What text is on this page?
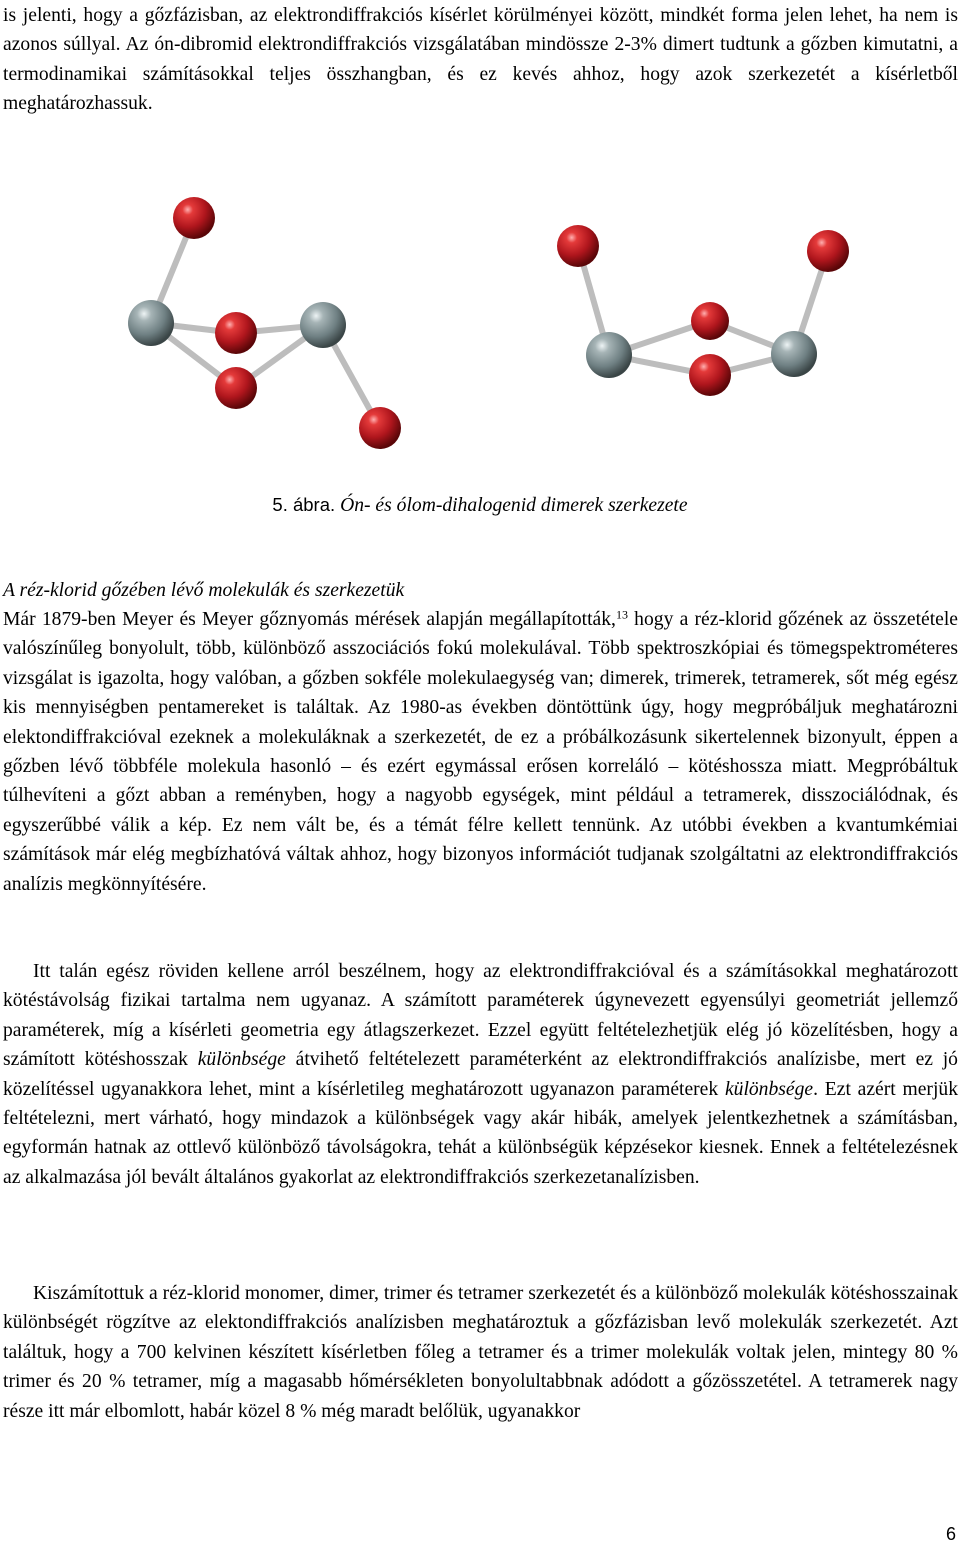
is jelenti, hogy a gőzfázisban, az elektrondiffrakciós kísérlet körülményei között, mindkét forma jelen lehet, ha nem is azonos súllyal. Az ón-dibromid elektrondiffrakciós vizsgálatában mindössze 2-3% dimert tudtunk a gőzben kimutatni, a termodinamikai számításokkal teljes összhangban, és ez kevés ahhoz, hogy azok szerkezetét a kísérletből meghatározhassuk.

5. ábra. Ón- és ólom-dihalogenid dimerek szerkezete

A réz-klorid gőzében lévő molekulák és szerkezetük

Már 1879-ben Meyer és Meyer gőznyomás mérések alapján megállapították,$^{13}$ hogy a réz-klorid gőzének az összetétele valószínűleg bonyolult, több, különböző asszociációs fokú molekulával. Több spektroszkópiai és tömegspektrométeres vizsgálat is igazolta, hogy valóban, a gőzben sokféle molekulaegység van; dimerek, trimerek, tetramerek, sőt még egész kis mennyiségben pentamereket is találtak. Az 1980-as években döntöttünk úgy, hogy megpróbáljuk meghatározni elektondiffrakcióval ezeknek a molekuláknak a szerkezetét, de ez a próbálkozásunk sikertelennek bizonyult, éppen a gőzben lévő többféle molekula hasonló – és ezért egymással erősen korreláló – kötéshossza miatt. Megpróbáltuk túlhevíteni a gőzt abban a reményben, hogy a nagyobb egységek, mint például a tetramerek, disszociálódnak, és egyszerűbbé válik a kép. Ez nem vált be, és a témát félre kellett tennünk. Az utóbbi években a kvantumkémiai számítások már elég megbízhatóvá váltak ahhoz, hogy bizonyos információt tudjanak szolgáltatni az elektrondiffrakciós analízis megkönnyítésére.

Itt talán egész röviden kellene arról beszélnem, hogy az elektrondiffrakcióval és a számításokkal meghatározott kötéstávolság fizikai tartalma nem ugyanaz. A számított paraméterek úgynevezett egyensúlyi geometriát jellemző paraméterek, míg a kísérleti geometria egy átlagszerkezet. Ezzel együtt feltételezhetjük elég jó közelítésben, hogy a számított kötéshosszak különbsége átvihető feltételezett paraméterként az elektrondiffrakciós analízisbe, mert ez jó közelítéssel ugyanakkora lehet, mint a kísérletileg meghatározott ugyanazon paraméterek különbsége. Ezt azért merjük feltételezni, mert várható, hogy mindazok a különbségek vagy akár hibák, amelyek jelentkezhetnek a számításban, egyformán hatnak az ottlevő különböző távolságokra, tehát a különbségük képzésekor kiesnek. Ennek a feltételezésnek az alkalmazása jól bevált általános gyakorlat az elektrondiffrakciós szerkezetanalízisben.

Kiszámítottuk a réz-klorid monomer, dimer, trimer és tetramer szerkezetét és a különböző molekulák kötéshosszainak különbségét rögzítve az elektondiffrakciós analízisben meghatároztuk a gőzfázisban levő molekulák szerkezetét. Azt találtuk, hogy a 700 kelvinen készített kísérletben főleg a tetramer és a trimer molekulák voltak jelen, mintegy 80 % trimer és 20 % tetramer, míg a magasabb hőmérsékleten bonyolultabbnak adódott a gőzösszetétel. A tetramerek nagy része itt már elbomlott, habár közel 8 % még maradt belőlük, ugyanakkor

6
